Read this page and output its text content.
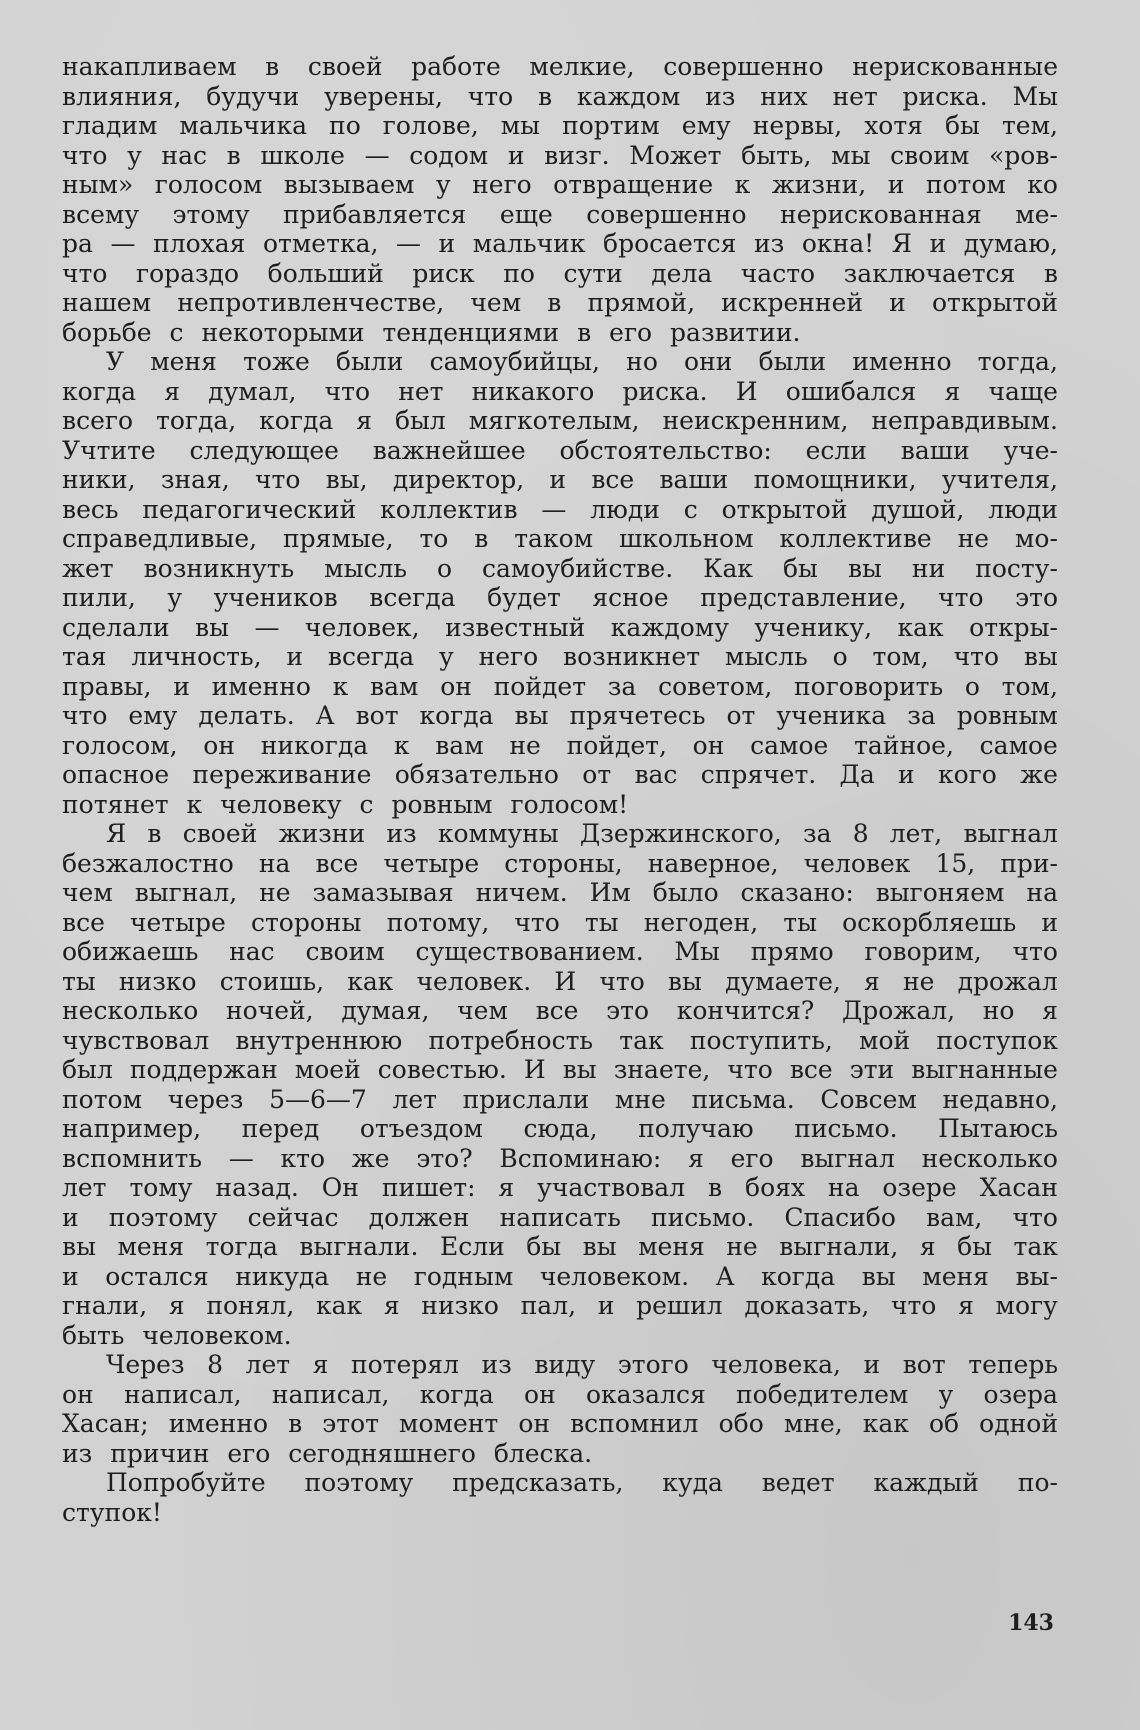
накапливаем в своей работе мелкие, совершенно нерискованные
влияния, будучи уверены, что в каждом из них нет риска. Мы
гладим мальчика по голове, мы портим ему нервы, хотя бы тем,
что у нас в школе — содом и визг. Может быть, мы своим «ров-
ным» голосом вызываем у него отвращение к жизни, и потом ко
всему этому прибавляется еще совершенно нерискованная ме-
ра — плохая отметка, — и мальчик бросается из окна! Я и думаю,
что гораздо больший риск по сути дела часто заключается в
нашем непротивленчестве, чем в прямой, искренней и открытой
борьбе с некоторыми тенденциями в его развитии.
У меня тоже были самоубийцы, но они были именно тогда,
когда я думал, что нет никакого риска. И ошибался я чаще
всего тогда, когда я был мягкотелым, неискренним, неправдивым.
Учтите следующее важнейшее обстоятельство: если ваши уче-
ники, зная, что вы, директор, и все ваши помощники, учителя,
весь педагогический коллектив — люди с открытой душой, люди
справедливые, прямые, то в таком школьном коллективе не мо-
жет возникнуть мысль о самоубийстве. Как бы вы ни посту-
пили, у учеников всегда будет ясное представление, что это
сделали вы — человек, известный каждому ученику, как откры-
тая личность, и всегда у него возникнет мысль о том, что вы
правы, и именно к вам он пойдет за советом, поговорить о том,
что ему делать. А вот когда вы прячетесь от ученика за ровным
голосом, он никогда к вам не пойдет, он самое тайное, самое
опасное переживание обязательно от вас спрячет. Да и кого же
потянет к человеку с ровным голосом!
Я в своей жизни из коммуны Дзержинского, за 8 лет, выгнал
безжалостно на все четыре стороны, наверное, человек 15, при-
чем выгнал, не замазывая ничем. Им было сказано: выгоняем на
все четыре стороны потому, что ты негоден, ты оскорбляешь и
обижаешь нас своим существованием. Мы прямо говорим, что
ты низко стоишь, как человек. И что вы думаете, я не дрожал
несколько ночей, думая, чем все это кончится? Дрожал, но я
чувствовал внутреннюю потребность так поступить, мой поступок
был поддержан моей совестью. И вы знаете, что все эти выгнанные
потом через 5—6—7 лет прислали мне письма. Совсем недавно,
например, перед отъездом сюда, получаю письмо. Пытаюсь
вспомнить — кто же это? Вспоминаю: я его выгнал несколько
лет тому назад. Он пишет: я участвовал в боях на озере Хасан
и поэтому сейчас должен написать письмо. Спасибо вам, что
вы меня тогда выгнали. Если бы вы меня не выгнали, я бы так
и остался никуда не годным человеком. А когда вы меня вы-
гнали, я понял, как я низко пал, и решил доказать, что я могу
быть человеком.
Через 8 лет я потерял из виду этого человека, и вот теперь
он написал, написал, когда он оказался победителем у озера
Хасан; именно в этот момент он вспомнил обо мне, как об одной
из причин его сегодняшнего блеска.
Попробуйте поэтому предсказать, куда ведет каждый по-
ступок!
143
